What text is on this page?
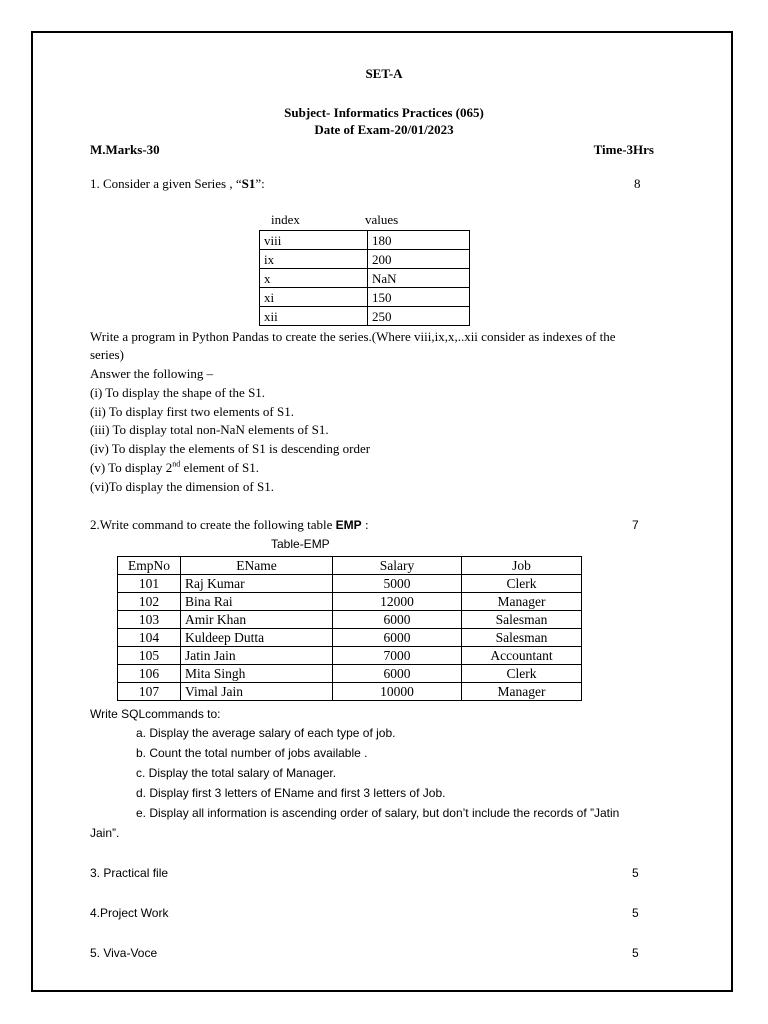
SET-A
Subject- Informatics Practices (065)
Date of Exam-20/01/2023
M.Marks-30	Time-3Hrs
1. Consider a given Series , “S1”:	8
index	values
viii	180
ix	200
x	NaN
xi	150
xii	250
Write a program in Python Pandas to create the series.(Where viii,ix,x,..xii consider as indexes of the
series)
Answer the following –
(i) To display the shape of the S1.
(ii) To display first two elements of S1.
(iii) To display total non-NaN elements of S1.
(iv) To display the elements of S1 is descending order
(v) To display 2nd element of S1.
(vi)To display the dimension of S1.
2.Write command to create the following table EMP :	7
Table-EMP
EmpNo	EName	Salary	Job
101	Raj Kumar	5000	Clerk
102	Bina Rai	12000	Manager
103	Amir Khan	6000	Salesman
104	Kuldeep Dutta	6000	Salesman
105	Jatin Jain	7000	Accountant
106	Mita Singh	6000	Clerk
107	Vimal Jain	10000	Manager
Write SQLcommands to:
a. Display the average salary of each type of job.
b. Count the total number of jobs available .
c. Display the total salary of Manager.
d. Display first 3 letters of EName and first 3 letters of Job.
e. Display all information is ascending order of salary, but don’t include the records of ”Jatin
Jain”.
3. Practical file	5
4.Project Work	5
5. Viva-Voce	5
